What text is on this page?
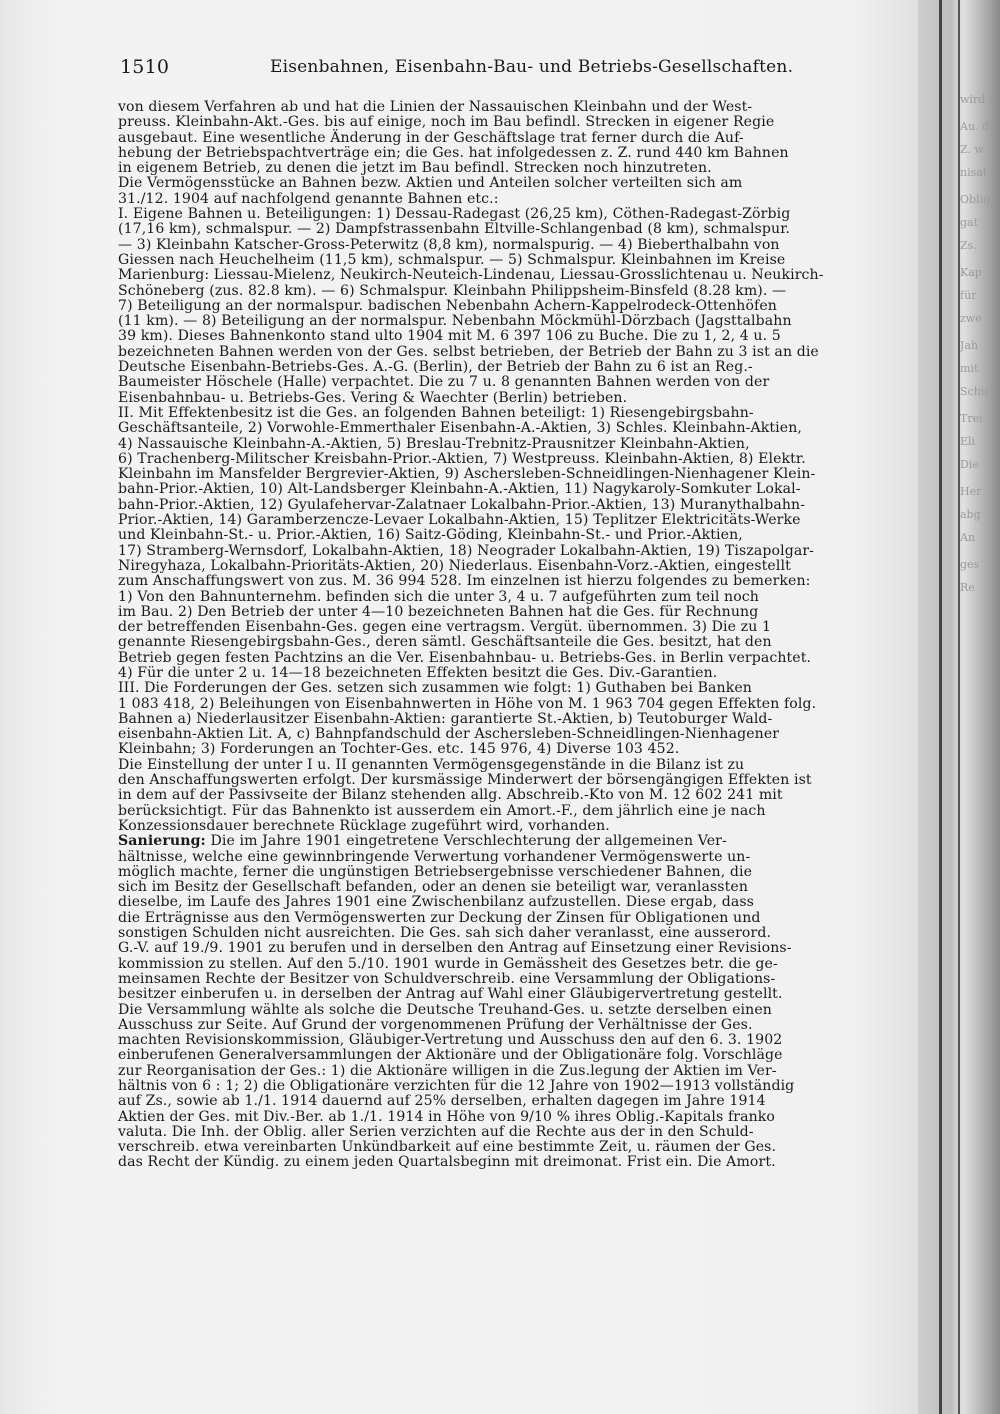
wird
Au. d
Z. w
nisat
Oblig
gat
Zs.
Kap
für
zwe
Jah
mit
Schu
Trei
Eli
Die
Her
abg
An
ges
Re
1510	Eisenbahnen, Eisenbahn-Bau- und Betriebs-Gesellschaften.

von diesem Verfahren ab und hat die Linien der Nassauischen Kleinbahn und der West-
preuss. Kleinbahn-Akt.-Ges. bis auf einige, noch im Bau befindl. Strecken in eigener Regie
ausgebaut. Eine wesentliche Änderung in der Geschäftslage trat ferner durch die Auf-
hebung der Betriebspachtverträge ein; die Ges. hat infolgedessen z. Z. rund 440 km Bahnen
in eigenem Betrieb, zu denen die jetzt im Bau befindl. Strecken noch hinzutreten.

Die Vermögensstücke an Bahnen bezw. Aktien und Anteilen solcher verteilten sich am
31./12. 1904 auf nachfolgend genannte Bahnen etc.:

I. Eigene Bahnen u. Beteiligungen: 1) Dessau-Radegast (26,25 km), Cöthen-Radegast-Zörbig
(17,16 km), schmalspur. — 2) Dampfstrassenbahn Eltville-Schlangenbad (8 km), schmalspur.
— 3) Kleinbahn Katscher-Gross-Peterwitz (8,8 km), normalspurig. — 4) Bieberthalbahn von
Giessen nach Heuchelheim (11,5 km), schmalspur. — 5) Schmalspur. Kleinbahnen im Kreise
Marienburg: Liessau-Mielenz, Neukirch-Neuteich-Lindenau, Liessau-Grosslichtenau u. Neukirch-
Schöneberg (zus. 82.8 km). — 6) Schmalspur. Kleinbahn Philippsheim-Binsfeld (8.28 km). —
7) Beteiligung an der normalspur. badischen Nebenbahn Achern-Kappelrodeck-Ottenhöfen
(11 km). — 8) Beteiligung an der normalspur. Nebenbahn Möckmühl-Dörzbach (Jagsttalbahn
39 km). Dieses Bahnenkonto stand ulto 1904 mit M. 6 397 106 zu Buche. Die zu 1, 2, 4 u. 5
bezeichneten Bahnen werden von der Ges. selbst betrieben, der Betrieb der Bahn zu 3 ist an die
Deutsche Eisenbahn-Betriebs-Ges. A.-G. (Berlin), der Betrieb der Bahn zu 6 ist an Reg.-
Baumeister Höschele (Halle) verpachtet. Die zu 7 u. 8 genannten Bahnen werden von der
Eisenbahnbau- u. Betriebs-Ges. Vering & Waechter (Berlin) betrieben.

II. Mit Effektenbesitz ist die Ges. an folgenden Bahnen beteiligt: 1) Riesengebirgsbahn-
Geschäftsanteile, 2) Vorwohle-Emmerthaler Eisenbahn-A.-Aktien, 3) Schles. Kleinbahn-Aktien,
4) Nassauische Kleinbahn-A.-Aktien, 5) Breslau-Trebnitz-Prausnitzer Kleinbahn-Aktien,
6) Trachenberg-Militscher Kreisbahn-Prior.-Aktien, 7) Westpreuss. Kleinbahn-Aktien, 8) Elektr.
Kleinbahn im Mansfelder Bergrevier-Aktien, 9) Aschersleben-Schneidlingen-Nienhagener Klein-
bahn-Prior.-Aktien, 10) Alt-Landsberger Kleinbahn-A.-Aktien, 11) Nagykaroly-Somkuter Lokal-
bahn-Prior.-Aktien, 12) Gyulafehervar-Zalatnaer Lokalbahn-Prior.-Aktien, 13) Muranythalbahn-
Prior.-Aktien, 14) Garamberzencze-Levaer Lokalbahn-Aktien, 15) Teplitzer Elektricitäts-Werke
und Kleinbahn-St.- u. Prior.-Aktien, 16) Saitz-Göding, Kleinbahn-St.- und Prior.-Aktien,
17) Stramberg-Wernsdorf, Lokalbahn-Aktien, 18) Neograder Lokalbahn-Aktien, 19) Tiszapolgar-
Niregyhaza, Lokalbahn-Prioritäts-Aktien, 20) Niederlaus. Eisenbahn-Vorz.-Aktien, eingestellt
zum Anschaffungswert von zus. M. 36 994 528. Im einzelnen ist hierzu folgendes zu bemerken:
1) Von den Bahnunternehm. befinden sich die unter 3, 4 u. 7 aufgeführten zum teil noch
im Bau. 2) Den Betrieb der unter 4—10 bezeichneten Bahnen hat die Ges. für Rechnung
der betreffenden Eisenbahn-Ges. gegen eine vertragsm. Vergüt. übernommen. 3) Die zu 1
genannte Riesengebirgsbahn-Ges., deren sämtl. Geschäftsanteile die Ges. besitzt, hat den
Betrieb gegen festen Pachtzins an die Ver. Eisenbahnbau- u. Betriebs-Ges. in Berlin verpachtet.
4) Für die unter 2 u. 14—18 bezeichneten Effekten besitzt die Ges. Div.-Garantien.

III. Die Forderungen der Ges. setzen sich zusammen wie folgt: 1) Guthaben bei Banken
1 083 418, 2) Beleihungen von Eisenbahnwerten in Höhe von M. 1 963 704 gegen Effekten folg.
Bahnen a) Niederlausitzer Eisenbahn-Aktien: garantierte St.-Aktien, b) Teutoburger Wald-
eisenbahn-Aktien Lit. A, c) Bahnpfandschuld der Aschersleben-Schneidlingen-Nienhagener
Kleinbahn; 3) Forderungen an Tochter-Ges. etc. 145 976, 4) Diverse 103 452.

Die Einstellung der unter I u. II genannten Vermögensgegenstände in die Bilanz ist zu
den Anschaffungswerten erfolgt. Der kursmässige Minderwert der börsengängigen Effekten ist
in dem auf der Passivseite der Bilanz stehenden allg. Abschreib.-Kto von M. 12 602 241 mit
berücksichtigt. Für das Bahnenkto ist ausserdem ein Amort.-F., dem jährlich eine je nach
Konzessionsdauer berechnete Rücklage zugeführt wird, vorhanden.

Sanierung: Die im Jahre 1901 eingetretene Verschlechterung der allgemeinen Ver-
hältnisse, welche eine gewinnbringende Verwertung vorhandener Vermögenswerte un-
möglich machte, ferner die ungünstigen Betriebsergebnisse verschiedener Bahnen, die
sich im Besitz der Gesellschaft befanden, oder an denen sie beteiligt war, veranlassten
dieselbe, im Laufe des Jahres 1901 eine Zwischenbilanz aufzustellen. Diese ergab, dass
die Erträgnisse aus den Vermögenswerten zur Deckung der Zinsen für Obligationen und
sonstigen Schulden nicht ausreichten. Die Ges. sah sich daher veranlasst, eine ausserord.
G.-V. auf 19./9. 1901 zu berufen und in derselben den Antrag auf Einsetzung einer Revisions-
kommission zu stellen. Auf den 5./10. 1901 wurde in Gemässheit des Gesetzes betr. die ge-
meinsamen Rechte der Besitzer von Schuldverschreib. eine Versammlung der Obligations-
besitzer einberufen u. in derselben der Antrag auf Wahl einer Gläubigervertretung gestellt.
Die Versammlung wählte als solche die Deutsche Treuhand-Ges. u. setzte derselben einen
Ausschuss zur Seite. Auf Grund der vorgenommenen Prüfung der Verhältnisse der Ges.
machten Revisionskommission, Gläubiger-Vertretung und Ausschuss den auf den 6. 3. 1902
einberufenen Generalversammlungen der Aktionäre und der Obligationäre folg. Vorschläge
zur Reorganisation der Ges.: 1) die Aktionäre willigen in die Zus.legung der Aktien im Ver-
hältnis von 6 : 1; 2) die Obligationäre verzichten für die 12 Jahre von 1902—1913 vollständig
auf Zs., sowie ab 1./1. 1914 dauernd auf 25% derselben, erhalten dagegen im Jahre 1914
Aktien der Ges. mit Div.-Ber. ab 1./1. 1914 in Höhe von 9/10 % ihres Oblig.-Kapitals franko
valuta. Die Inh. der Oblig. aller Serien verzichten auf die Rechte aus der in den Schuld-
verschreib. etwa vereinbarten Unkündbarkeit auf eine bestimmte Zeit, u. räumen der Ges.
das Recht der Kündig. zu einem jeden Quartalsbeginn mit dreimonat. Frist ein. Die Amort.
